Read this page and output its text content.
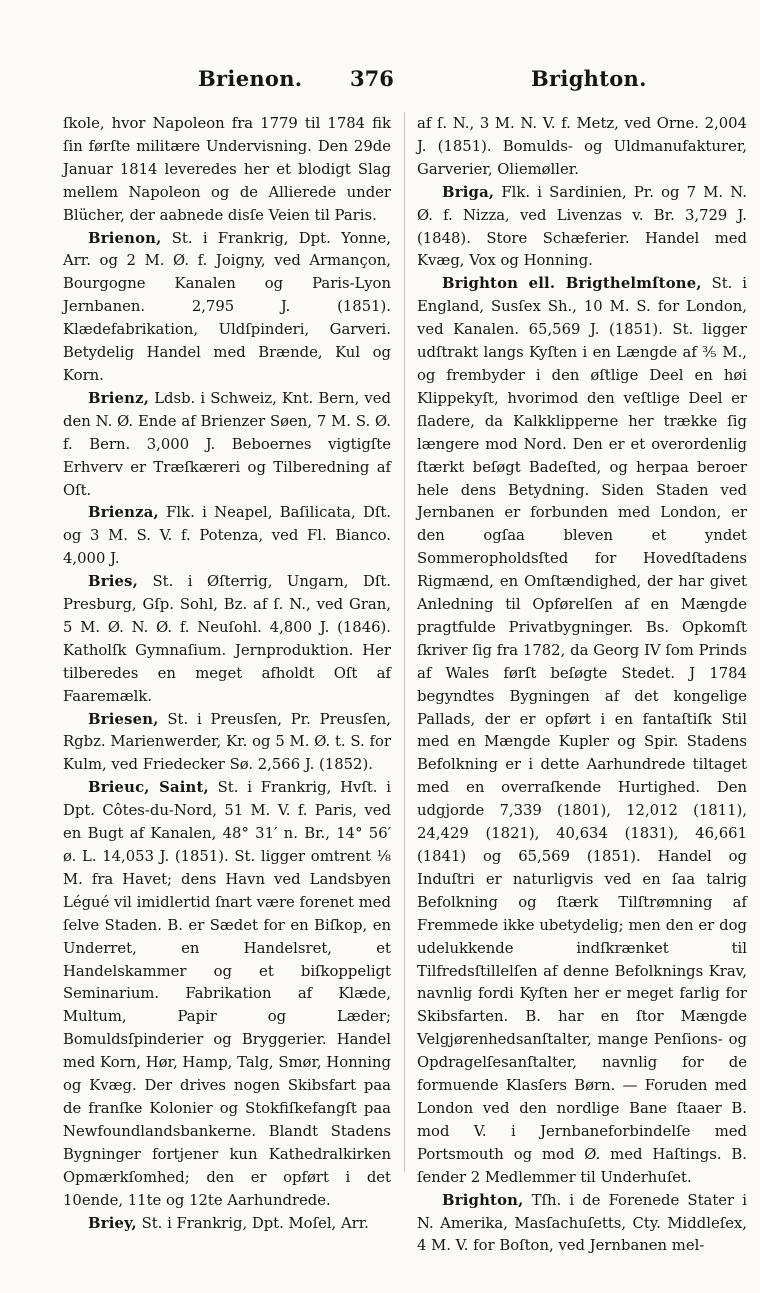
Brienon. 376	Brighton.

ſkole, hvor Napoleon fra 1779 til 1784 fik ſin førſte militære Undervisning. Den 29de Januar 1814 leveredes her et blodigt Slag mellem Napoleon og de Allierede under Blücher, der aabnede disſe Veien til Paris.

Brienon, St. i Frankrig, Dpt. Yonne, Arr. og 2 M. Ø. f. Joigny, ved Armançon, Bourgogne Kanalen og Paris-Lyon Jernbanen. 2,795 J. (1851). Klædefabrikation, Uldſpinderi, Garveri. Betydelig Handel med Brænde, Kul og Korn.

Brienz, Ldsb. i Schweiz, Knt. Bern, ved den N. Ø. Ende af Brienzer Søen, 7 M. S. Ø. f. Bern. 3,000 J. Beboernes vigtigſte Erhverv er Træſkæreri og Tilberedning af Oſt.

Brienza, Flk. i Neapel, Baſilicata, Dſt. og 3 M. S. V. f. Potenza, ved Fl. Bianco. 4,000 J.

Bries, St. i Øſterrig, Ungarn, Dſt. Presburg, Gſp. Sohl, Bz. af ſ. N., ved Gran, 5 M. Ø. N. Ø. f. Neuſohl. 4,800 J. (1846). Katholſk Gymnaſium. Jernproduktion. Her tilberedes en meget afholdt Oſt af Faaremælk.

Briesen, St. i Preusſen, Pr. Preusſen, Rgbz. Marienwerder, Kr. og 5 M. Ø. t. S. for Kulm, ved Friedecker Sø. 2,566 J. (1852).

Brieuc, Saint, St. i Frankrig, Hvſt. i Dpt. Côtes-du-Nord, 51 M. V. f. Paris, ved en Bugt af Kanalen, 48° 31′ n. Br., 14° 56′ ø. L. 14,053 J. (1851). St. ligger omtrent ⅛ M. fra Havet; dens Havn ved Landsbyen Légué vil imidlertid ſnart være forenet med ſelve Staden. B. er Sædet for en Biſkop, en Underret, en Handelsret, et Handelskammer og et biſkoppeligt Seminarium. Fabrikation af Klæde, Multum, Papir og Læder; Bomuldsſpinderier og Bryggerier. Handel med Korn, Hør, Hamp, Talg, Smør, Honning og Kvæg. Der drives nogen Skibsfart paa de franſke Kolonier og Stokfiſkefangſt paa Newfoundlandsbankerne. Blandt Stadens Bygninger fortjener kun Kathedralkirken Opmærkſomhed; den er opført i det 10ende, 11te og 12te Aarhundrede.

Briey, St. i Frankrig, Dpt. Moſel, Arr.

af ſ. N., 3 M. N. V. f. Metz, ved Orne. 2,004 J. (1851). Bomulds- og Uldmanufakturer, Garverier, Oliemøller.

Briga, Flk. i Sardinien, Pr. og 7 M. N. Ø. f. Nizza, ved Livenzas v. Br. 3,729 J. (1848). Store Schæferier. Handel med Kvæg, Vox og Honning.

Brighton ell. Brigthelmſtone, St. i England, Susſex Sh., 10 M. S. for London, ved Kanalen. 65,569 J. (1851). St. ligger udſtrakt langs Kyſten i en Længde af ⅗ M., og frembyder i den øſtlige Deel en høi Klippekyſt, hvorimod den veſtlige Deel er ſladere, da Kalkklipperne her trække ſig længere mod Nord. Den er et overordenlig ſtærkt beſøgt Badeſted, og herpaa beroer hele dens Betydning. Siden Staden ved Jernbanen er forbunden med London, er den ogſaa bleven et yndet Sommeropholdsſted for Hovedſtadens Rigmænd, en Omſtændighed, der har givet Anledning til Opførelſen af en Mængde pragtfulde Privatbygninger. Bs. Opkomſt ſkriver ſig fra 1782, da Georg IV ſom Prinds af Wales førſt beſøgte Stedet. J 1784 begyndtes Bygningen af det kongelige Pallads, der er opført i en fantaſtiſk Stil med en Mængde Kupler og Spir. Stadens Befolkning er i dette Aarhundrede tiltaget med en overraſkende Hurtighed. Den udgjorde 7,339 (1801), 12,012 (1811), 24,429 (1821), 40,634 (1831), 46,661 (1841) og 65,569 (1851). Handel og Induſtri er naturligvis ved en ſaa talrig Befolkning og ſtærk Tilſtrømning af Fremmede ikke ubetydelig; men den er dog udelukkende indſkrænket til Tilfredsſtillelſen af denne Befolknings Krav, navnlig fordi Kyſten her er meget farlig for Skibsfarten. B. har en ſtor Mængde Velgjørenhedsanſtalter, mange Penſions- og Opdragelſesanſtalter, navnlig for de formuende Klasſers Børn. — Foruden med London ved den nordlige Bane ſtaaer B. mod V. i Jernbaneforbindelſe med Portsmouth og mod Ø. med Haſtings. B. ſender 2 Medlemmer til Underhuſet.

Brighton, Tſh. i de Forenede Stater i N. Amerika, Masſachuſetts, Cty. Middleſex, 4 M. V. for Boſton, ved Jernbanen mel-
